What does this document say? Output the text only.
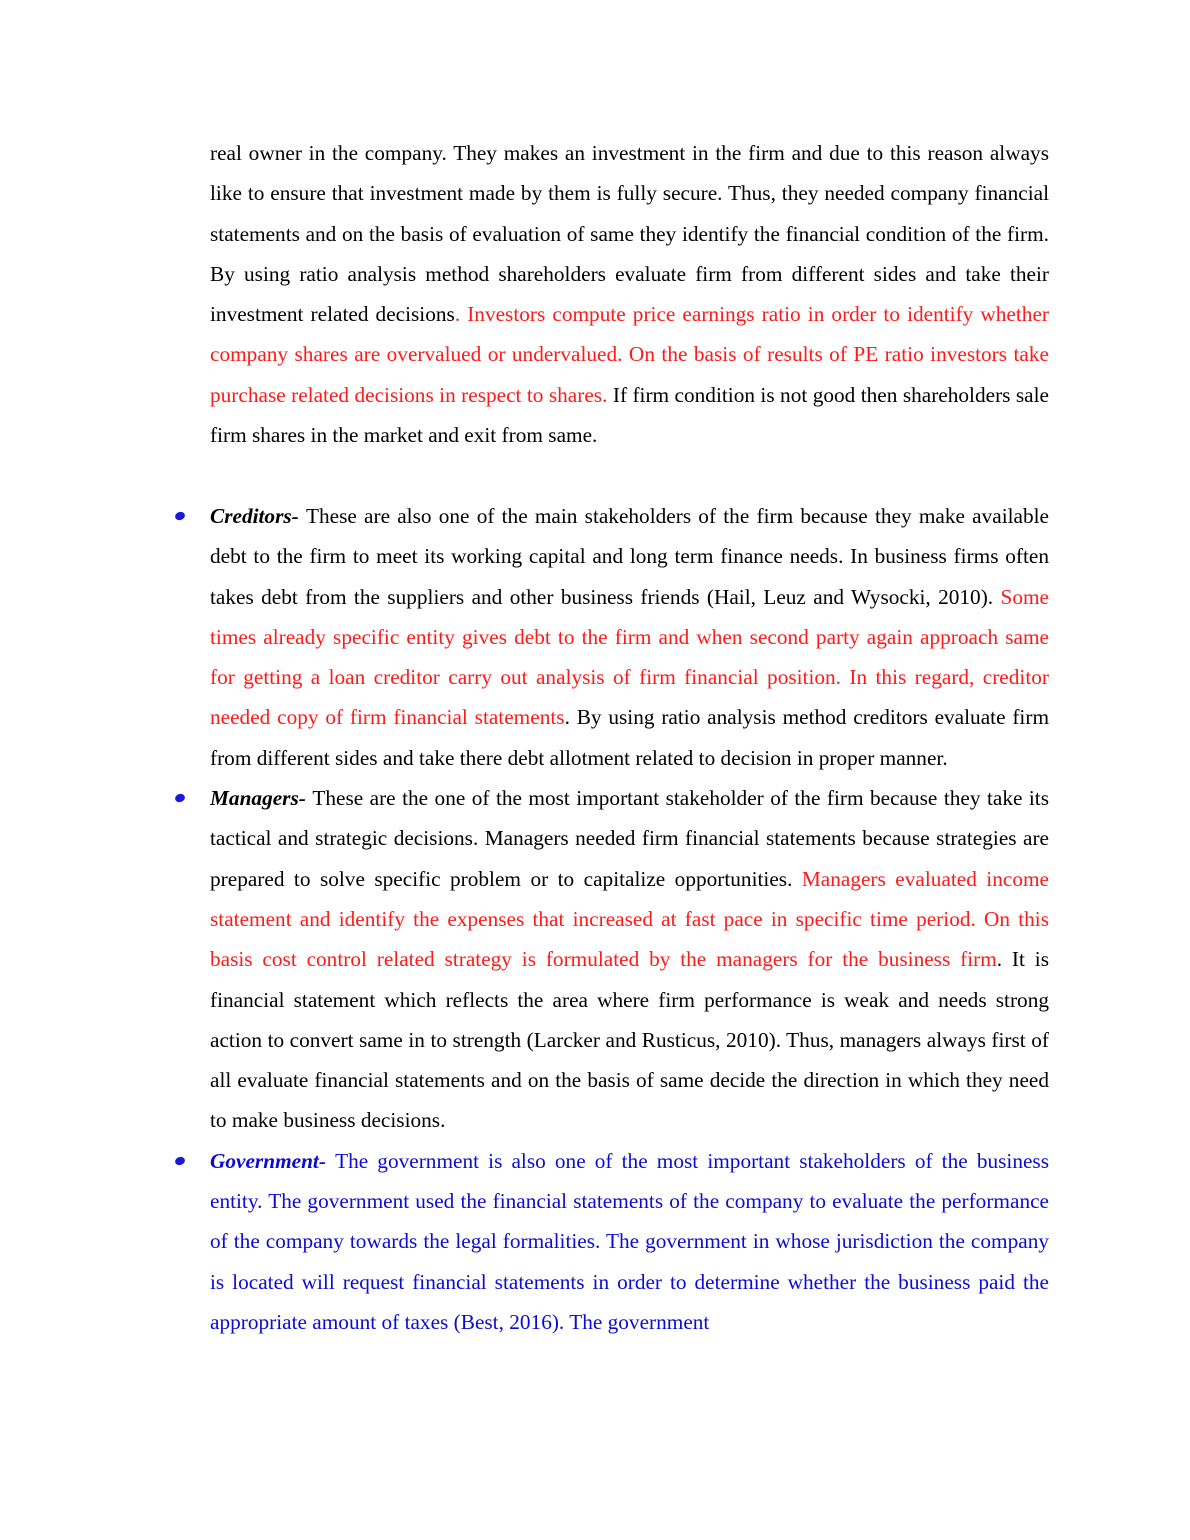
real owner in the company. They makes an investment in the firm and due to this reason always like to ensure that investment made by them is fully secure. Thus, they needed company financial statements and on the basis of evaluation of same they identify the financial condition of the firm. By using ratio analysis method shareholders evaluate firm from different sides and take their investment related decisions. Investors compute price earnings ratio in order to identify whether company shares are overvalued or undervalued. On the basis of results of PE ratio investors take purchase related decisions in respect to shares. If firm condition is not good then shareholders sale firm shares in the market and exit from same.

Creditors- These are also one of the main stakeholders of the firm because they make available debt to the firm to meet its working capital and long term finance needs. In business firms often takes debt from the suppliers and other business friends (Hail, Leuz and Wysocki, 2010). Some times already specific entity gives debt to the firm and when second party again approach same for getting a loan creditor carry out analysis of firm financial position. In this regard, creditor needed copy of firm financial statements. By using ratio analysis method creditors evaluate firm from different sides and take there debt allotment related to decision in proper manner.
Managers- These are the one of the most important stakeholder of the firm because they take its tactical and strategic decisions. Managers needed firm financial statements because strategies are prepared to solve specific problem or to capitalize opportunities. Managers evaluated income statement and identify the expenses that increased at fast pace in specific time period. On this basis cost control related strategy is formulated by the managers for the business firm. It is financial statement which reflects the area where firm performance is weak and needs strong action to convert same in to strength (Larcker and Rusticus, 2010). Thus, managers always first of all evaluate financial statements and on the basis of same decide the direction in which they need to make business decisions.
Government- The government is also one of the most important stakeholders of the business entity. The government used the financial statements of the company to evaluate the performance of the company towards the legal formalities. The government in whose jurisdiction the company is located will request financial statements in order to determine whether the business paid the appropriate amount of taxes (Best, 2016). The government
